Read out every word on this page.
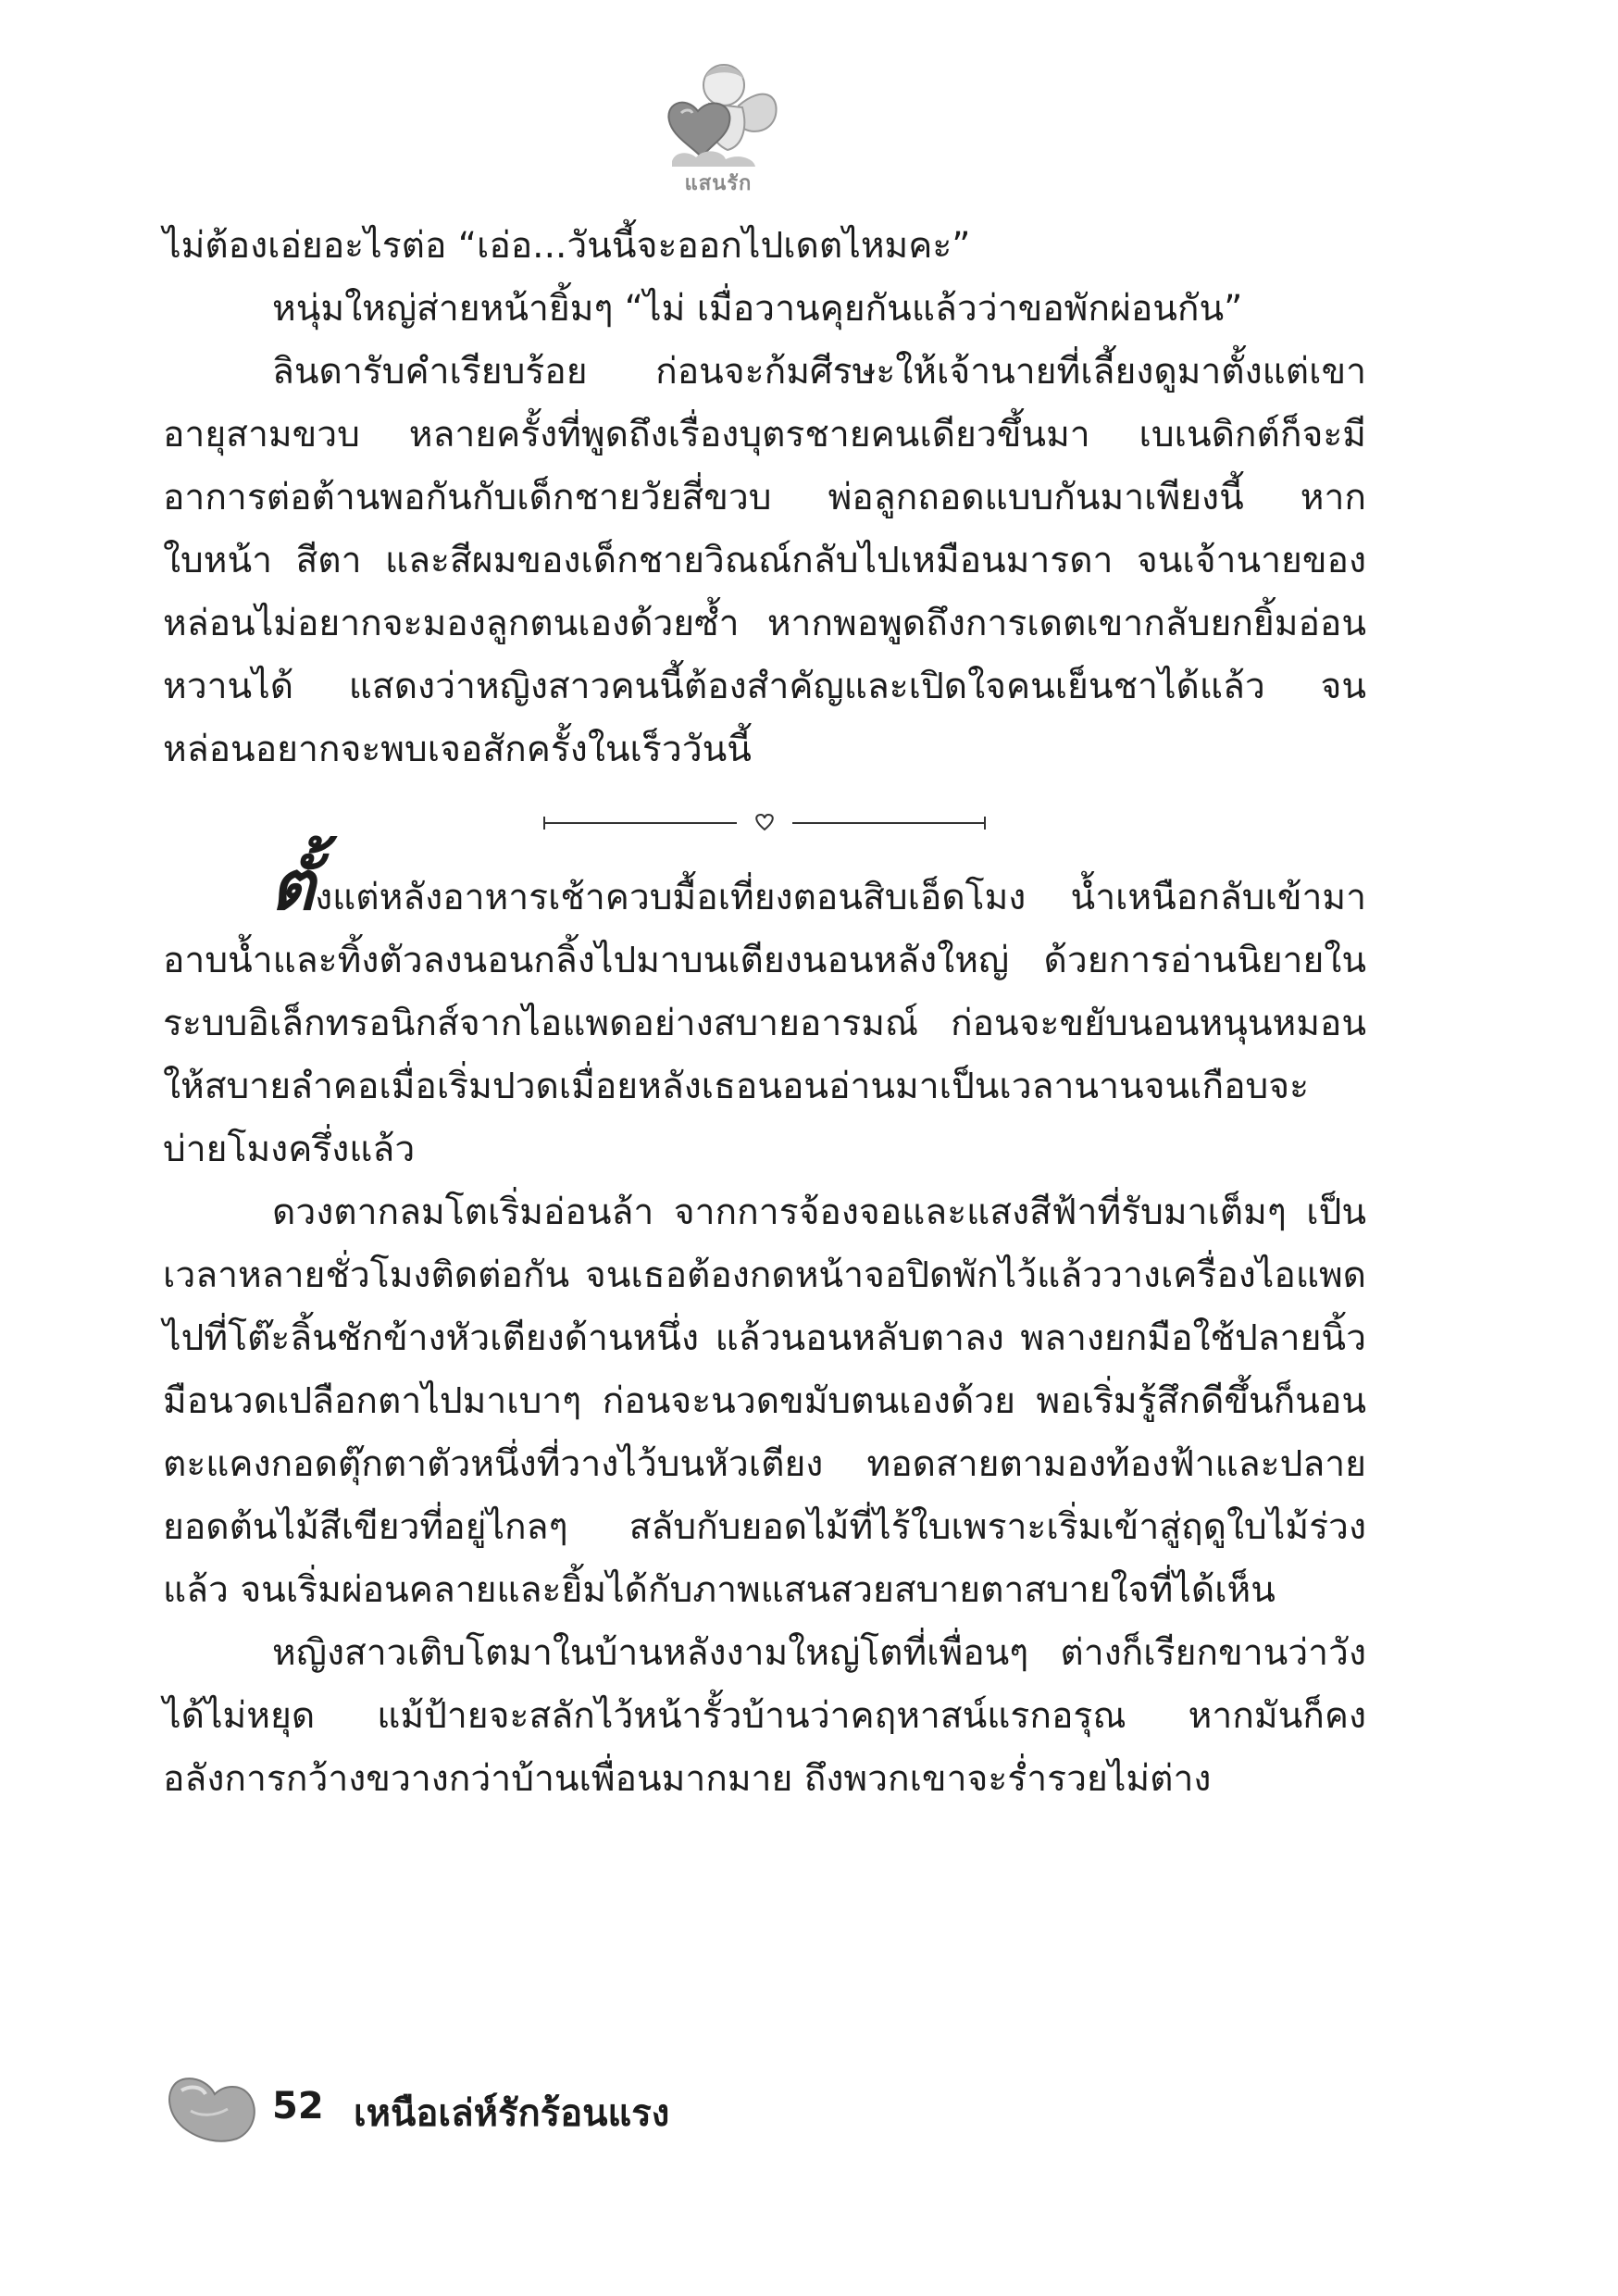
แสนรัก

ไม่ต้องเอ่ยอะไรต่อ “เอ่อ...วันนี้จะออกไปเดตไหมคะ”

หนุ่มใหญ่ส่ายหน้ายิ้มๆ “ไม่ เมื่อวานคุยกันแล้วว่าขอพักผ่อนกัน”

ลินดารับคำเรียบร้อย ก่อนจะก้มศีรษะให้เจ้านายที่เลี้ยงดูมาตั้งแต่เขาอายุสามขวบ หลายครั้งที่พูดถึงเรื่องบุตรชายคนเดียวขึ้นมา เบเนดิกต์ก็จะมีอาการต่อต้านพอกันกับเด็กชายวัยสี่ขวบ พ่อลูกถอดแบบกันมาเพียงนี้ หากใบหน้า สีตา และสีผมของเด็กชายวิณณ์กลับไปเหมือนมารดา จนเจ้านายของหล่อนไม่อยากจะมองลูกตนเองด้วยซ้ำ หากพอพูดถึงการเดตเขากลับยกยิ้มอ่อนหวานได้ แสดงว่าหญิงสาวคนนี้ต้องสำคัญและเปิดใจคนเย็นชาได้แล้ว จนหล่อนอยากจะพบเจอสักครั้งในเร็ววันนี้

ตั้งแต่หลังอาหารเช้าควบมื้อเที่ยงตอนสิบเอ็ดโมง น้ำเหนือกลับเข้ามาอาบน้ำและทิ้งตัวลงนอนกลิ้งไปมาบนเตียงนอนหลังใหญ่ ด้วยการอ่านนิยายในระบบอิเล็กทรอนิกส์จากไอแพดอย่างสบายอารมณ์ ก่อนจะขยับนอนหนุนหมอนให้สบายลำคอเมื่อเริ่มปวดเมื่อยหลังเธอนอนอ่านมาเป็นเวลานานจนเกือบจะบ่ายโมงครึ่งแล้ว

ดวงตากลมโตเริ่มอ่อนล้า จากการจ้องจอและแสงสีฟ้าที่รับมาเต็มๆ เป็นเวลาหลายชั่วโมงติดต่อกัน จนเธอต้องกดหน้าจอปิดพักไว้แล้ววางเครื่องไอแพดไปที่โต๊ะลิ้นชักข้างหัวเตียงด้านหนึ่ง แล้วนอนหลับตาลง พลางยกมือใช้ปลายนิ้วมือนวดเปลือกตาไปมาเบาๆ ก่อนจะนวดขมับตนเองด้วย พอเริ่มรู้สึกดีขึ้นก็นอนตะแคงกอดตุ๊กตาตัวหนึ่งที่วางไว้บนหัวเตียง ทอดสายตามองท้องฟ้าและปลายยอดต้นไม้สีเขียวที่อยู่ไกลๆ สลับกับยอดไม้ที่ไร้ใบเพราะเริ่มเข้าสู่ฤดูใบไม้ร่วงแล้ว จนเริ่มผ่อนคลายและยิ้มได้กับภาพแสนสวยสบายตาสบายใจที่ได้เห็น

หญิงสาวเติบโตมาในบ้านหลังงามใหญ่โตที่เพื่อนๆ ต่างก็เรียกขานว่าวังได้ไม่หยุด แม้ป้ายจะสลักไว้หน้ารั้วบ้านว่าคฤหาสน์แรกอรุณ หากมันก็คงอลังการกว้างขวางกว่าบ้านเพื่อนมากมาย ถึงพวกเขาจะร่ำรวยไม่ต่าง

52 เหนือเล่ห์รักร้อนแรง
